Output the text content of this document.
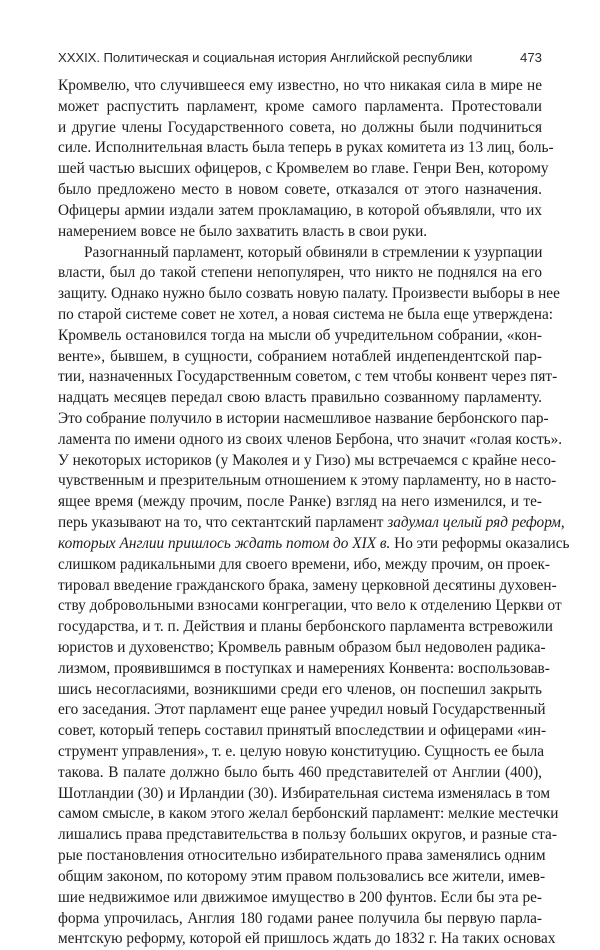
XXXIX. Политическая и социальная история Английской республики	473
Кромвелю, что случившееся ему известно, но что никакая сила в мире не
может распустить парламент, кроме самого парламента. Протестовали
и другие члены Государственного совета, но должны были подчиниться
силе. Исполнительная власть была теперь в руках комитета из 13 лиц, боль-
шей частью высших офицеров, с Кромвелем во главе. Генри Вен, которому
было предложено место в новом совете, отказался от этого назначения.
Офицеры армии издали затем прокламацию, в которой объявляли, что их
намерением вовсе не было захватить власть в свои руки.
Разогнанный парламент, который обвиняли в стремлении к узурпации
власти, был до такой степени непопулярен, что никто не поднялся на его
защиту. Однако нужно было созвать новую палату. Произвести выборы в нее
по старой системе совет не хотел, а новая система не была еще утверждена:
Кромвель остановился тогда на мысли об учредительном собрании, «кон-
венте», бывшем, в сущности, собранием нотаблей индепендентской пар-
тии, назначенных Государственным советом, с тем чтобы конвент через пят-
надцать месяцев передал свою власть правильно созванному парламенту.
Это собрание получило в истории насмешливое название бербонского пар-
ламента по имени одного из своих членов Бербона, что значит «голая кость».
У некоторых историков (у Маколея и у Гизо) мы встречаемся с крайне несо-
чувственным и презрительным отношением к этому парламенту, но в насто-
ящее время (между прочим, после Ранке) взгляд на него изменился, и те-
перь указывают на то, что сектантский парламент задумал целый ряд реформ,
которых Англии пришлось ждать потом до XIX в. Но эти реформы оказались
слишком радикальными для своего времени, ибо, между прочим, он проек-
тировал введение гражданского брака, замену церковной десятины духовен-
ству добровольными взносами конгрегации, что вело к отделению Церкви от
государства, и т. п. Действия и планы бербонского парламента встревожили
юристов и духовенство; Кромвель равным образом был недоволен радика-
лизмом, проявившимся в поступках и намерениях Конвента: воспользовав-
шись несогласиями, возникшими среди его членов, он поспешил закрыть
его заседания. Этот парламент еще ранее учредил новый Государственный
совет, который теперь составил принятый впоследствии и офицерами «ин-
струмент управления», т. е. целую новую конституцию. Сущность ее была
такова. В палате должно было быть 460 представителей от Англии (400),
Шотландии (30) и Ирландии (30). Избирательная система изменялась в том
самом смысле, в каком этого желал бербонский парламент: мелкие местечки
лишались права представительства в пользу больших округов, и разные ста-
рые постановления относительно избирательного права заменялись одним
общим законом, по которому этим правом пользовались все жители, имев-
шие недвижимое или движимое имущество в 200 фунтов. Если бы эта ре-
форма упрочилась, Англия 180 годами ранее получила бы первую парла-
ментскую реформу, которой ей пришлось ждать до 1832 г. На таких основах
